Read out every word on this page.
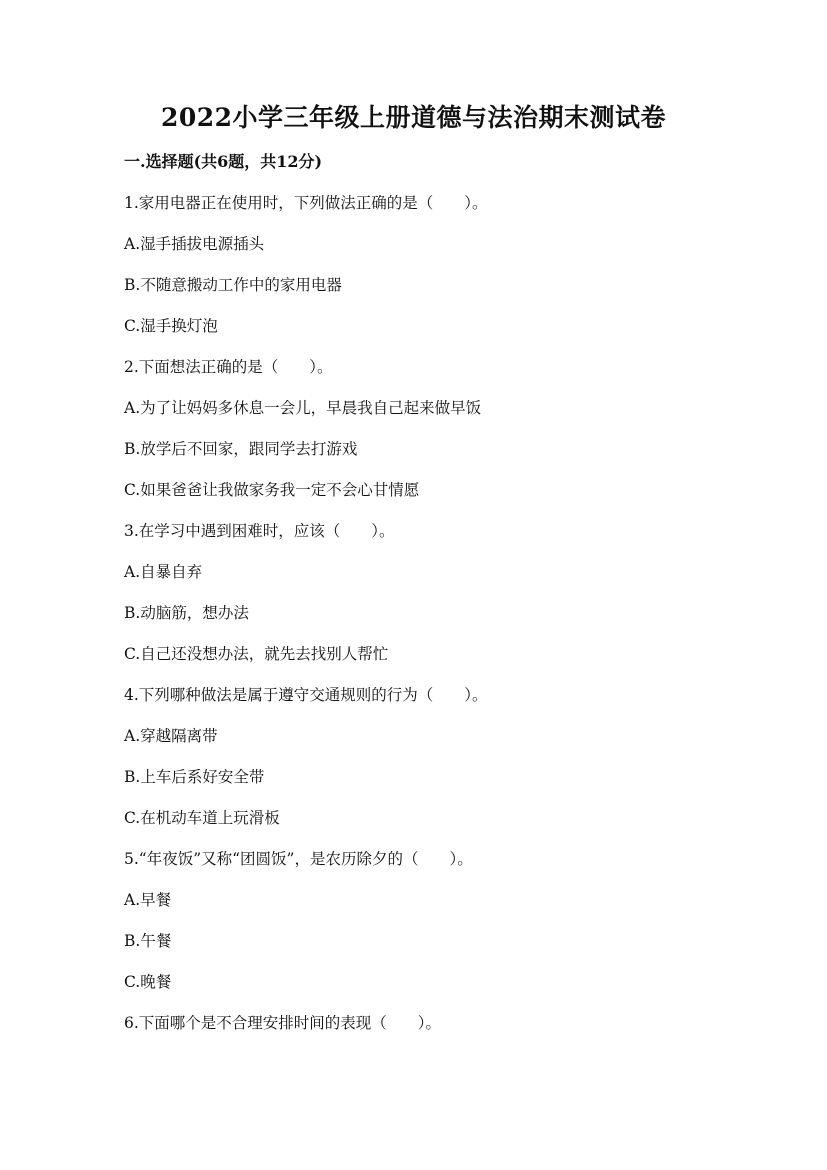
2022小学三年级上册道德与法治期末测试卷
一.选择题(共6题，共12分)
1.家用电器正在使用时，下列做法正确的是（　　）。
A.湿手插拔电源插头
B.不随意搬动工作中的家用电器
C.湿手换灯泡
2.下面想法正确的是（　　）。
A.为了让妈妈多休息一会儿，早晨我自己起来做早饭
B.放学后不回家，跟同学去打游戏
C.如果爸爸让我做家务我一定不会心甘情愿
3.在学习中遇到困难时，应该（　　）。
A.自暴自弃
B.动脑筋，想办法
C.自己还没想办法，就先去找别人帮忙
4.下列哪种做法是属于遵守交通规则的行为（　　）。
A.穿越隔离带
B.上车后系好安全带
C.在机动车道上玩滑板
5.“年夜饭”又称“团圆饭”，是农历除夕的（　　）。
A.早餐
B.午餐
C.晚餐
6.下面哪个是不合理安排时间的表现（　　）。
